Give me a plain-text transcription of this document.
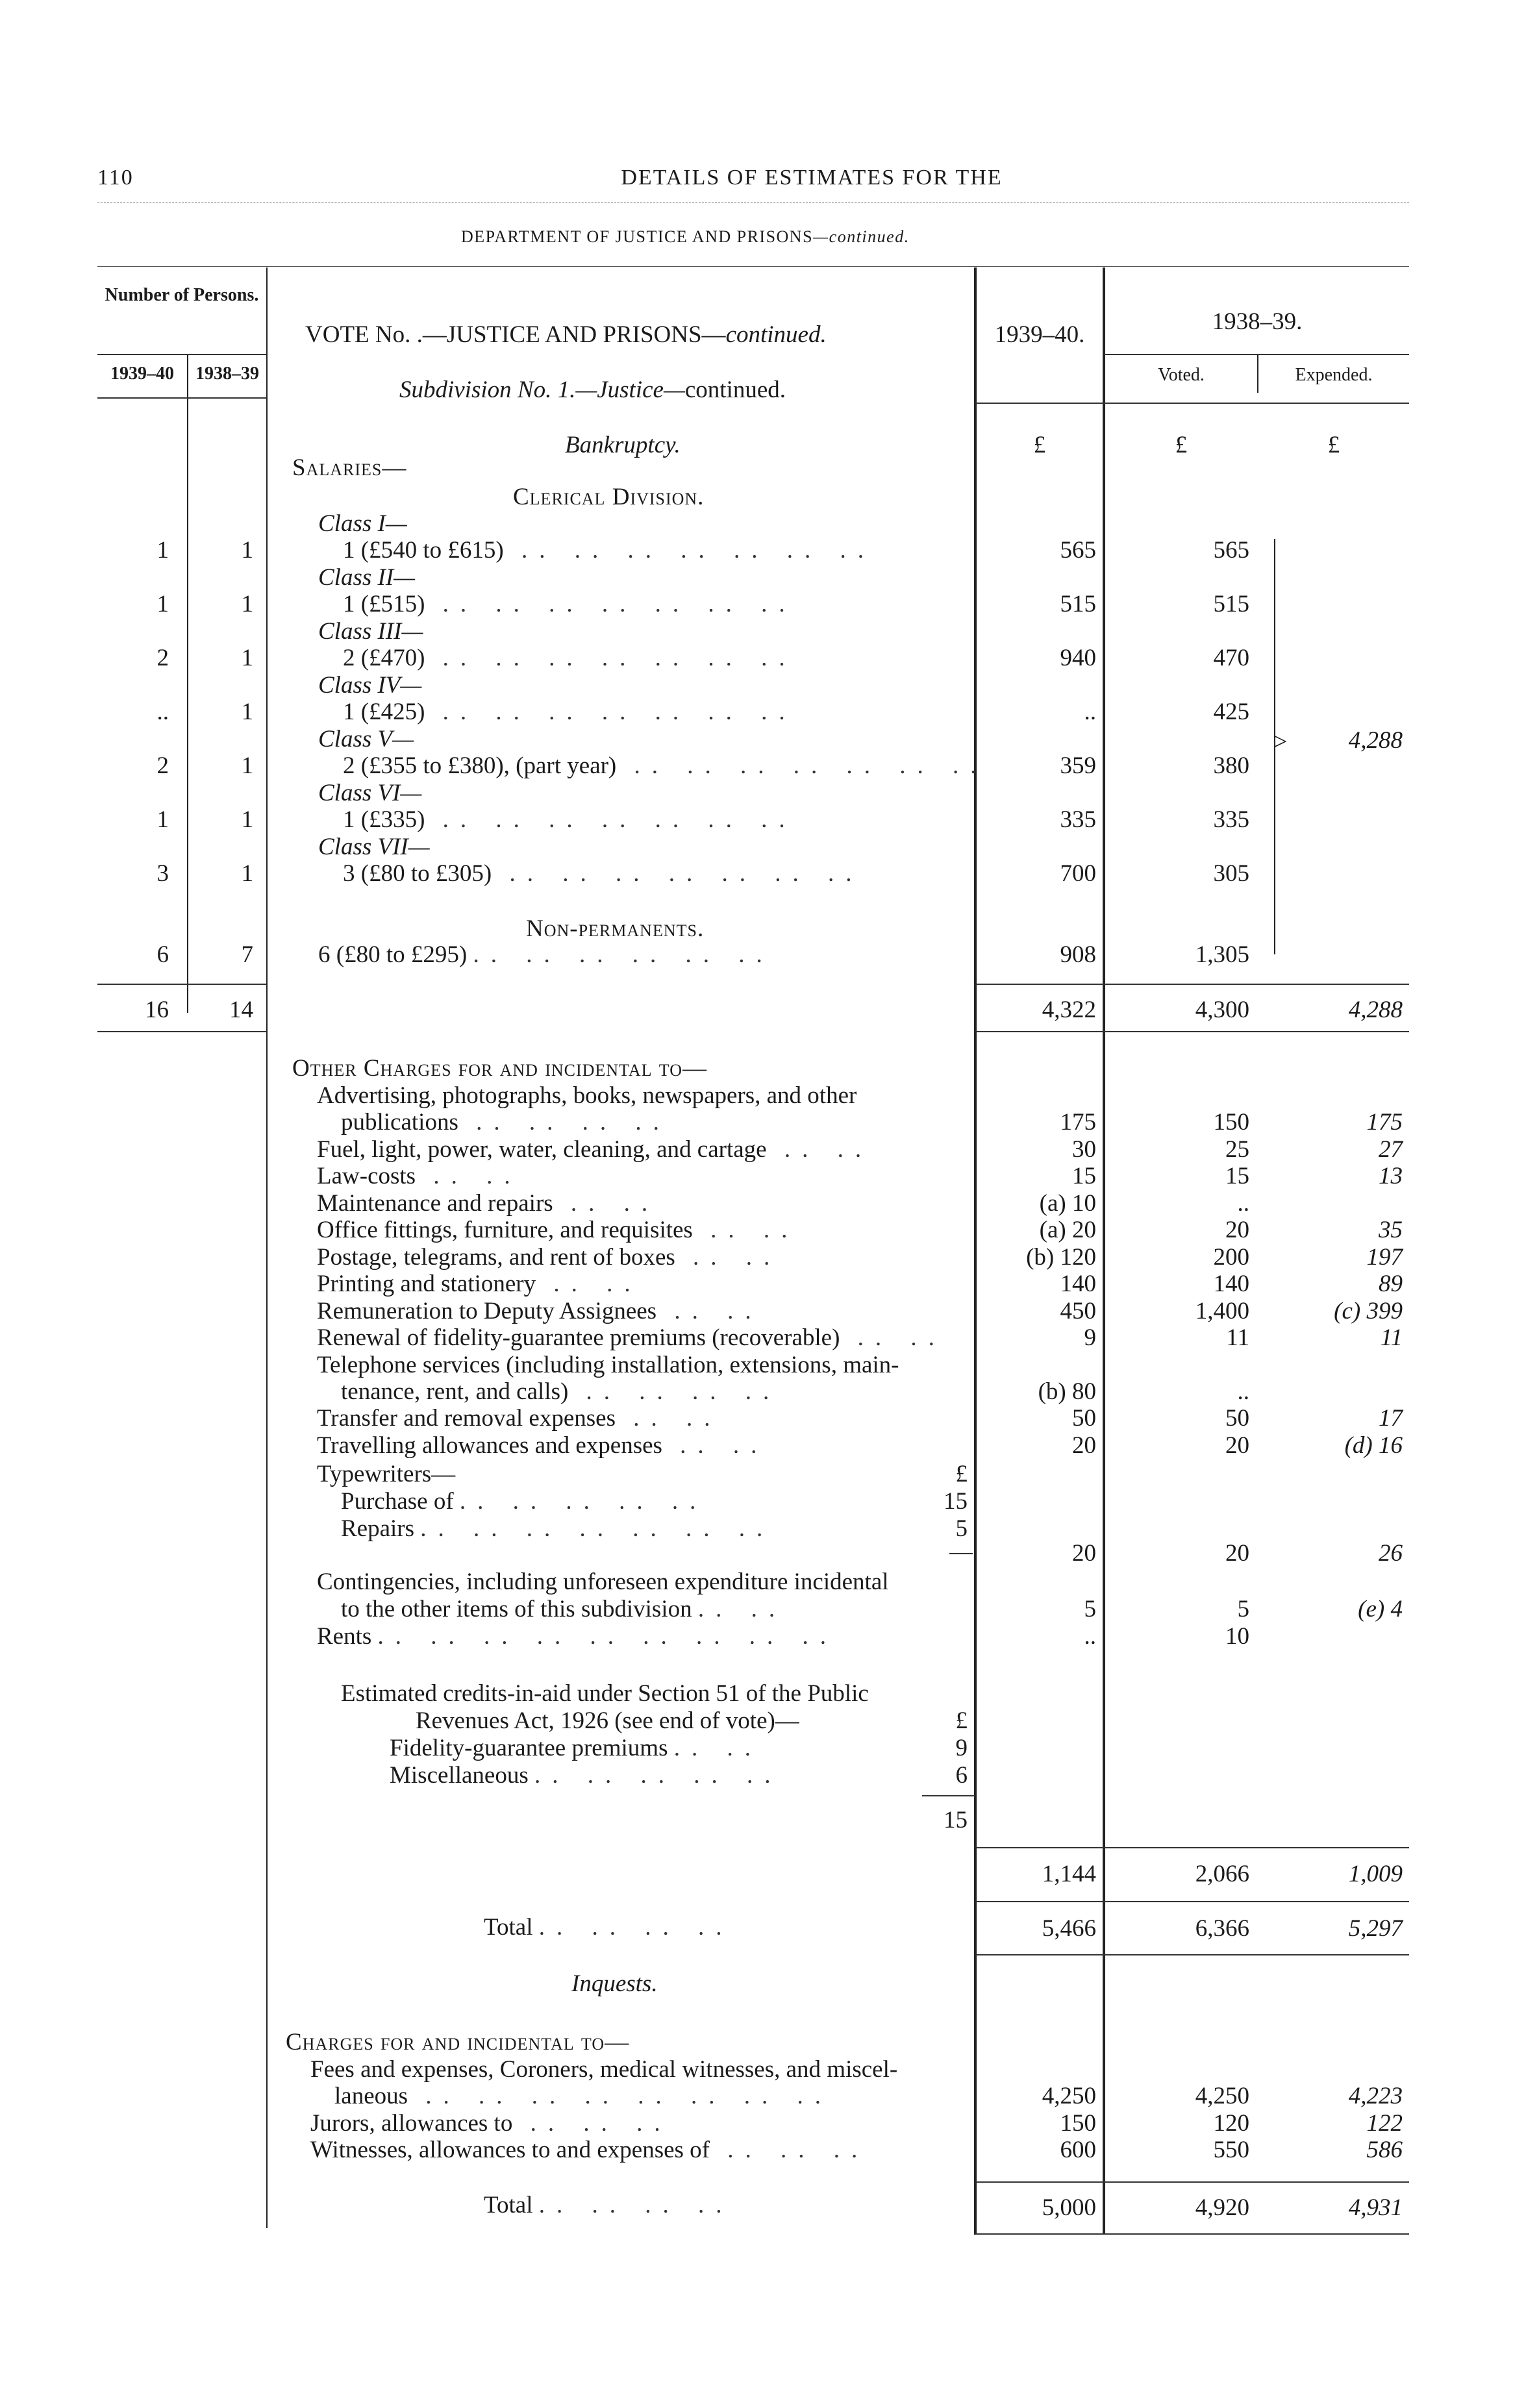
110	DETAILS OF ESTIMATES FOR THE
DEPARTMENT OF JUSTICE AND PRISONS—continued.
Number of Persons.
1939–40	1938–39
VOTE No. .—JUSTICE AND PRISONS—continued.
Subdivision No. 1.—Justice—continued.
1939–40.	1938–39.
Voted.	Expended.
Bankruptcy.	£	£	£
Salaries—
Clerical Division.
Class I—
1	1	1 (£540 to £615) .. .. .. .. .. .. ..	565	565
Class II—
1	1	1 (£515) .. .. .. .. .. .. ..	515	515
Class III—
2	1	2 (£470) .. .. .. .. .. .. ..	940	470
Class IV—
..	1	1 (£425) .. .. .. .. .. .. ..	..	425
Class V—
2	1	2 (£355 to £380), (part year) .. .. .. .. .. .. ..	359	380
Class VI—
1	1	1 (£335) .. .. .. .. .. .. ..	335	335
Class VII—
3	1	3 (£80 to £305) .. .. .. .. .. .. ..	700	305
Non-permanents.
6	7	6 (£80 to £295) .. .. .. .. .. ..	908	1,305
4,288
>
16	14	4,322	4,300	4,288
Other Charges for and incidental to—
Advertising, photographs, books, newspapers, and other
publications .. .. .. ..	175	150	175
Fuel, light, power, water, cleaning, and cartage .. ..	30	25	27
Law-costs .. ..	15	15	13
Maintenance and repairs .. ..	(a) 10	..
Office fittings, furniture, and requisites .. ..	(a) 20	20	35
Postage, telegrams, and rent of boxes .. ..	(b) 120	200	197
Printing and stationery .. ..	140	140	89
Remuneration to Deputy Assignees .. ..	450	1,400	(c) 399
Renewal of fidelity-guarantee premiums (recoverable) .. ..	9	11	11
Telephone services (including installation, extensions, main-
tenance, rent, and calls) .. .. .. ..	(b) 80	..
Transfer and removal expenses .. ..	50	50	17
Travelling allowances and expenses .. ..	20	20	(d) 16
Typewriters—	£
Purchase of .. .. .. .. ..	15
Repairs .. .. .. .. .. .. ..	5
20	20	26
Contingencies, including unforeseen expenditure incidental
to the other items of this subdivision .. ..	5	5	(e) 4
Rents .. .. .. .. .. .. .. .. ..	..	10
Estimated credits-in-aid under Section 51 of the Public
Revenues Act, 1926 (see end of vote)—	£
Fidelity-guarantee premiums .. ..	9
Miscellaneous .. .. .. .. ..	6
15
1,144	2,066	1,009
Total .. .. .. ..	5,466	6,366	5,297
Inquests.
Charges for and incidental to—
Fees and expenses, Coroners, medical witnesses, and miscel-
laneous .. .. .. .. .. .. .. ..	4,250	4,250	4,223
Jurors, allowances to .. .. ..	150	120	122
Witnesses, allowances to and expenses of .. .. ..	600	550	586
Total .. .. .. ..	5,000	4,920	4,931
